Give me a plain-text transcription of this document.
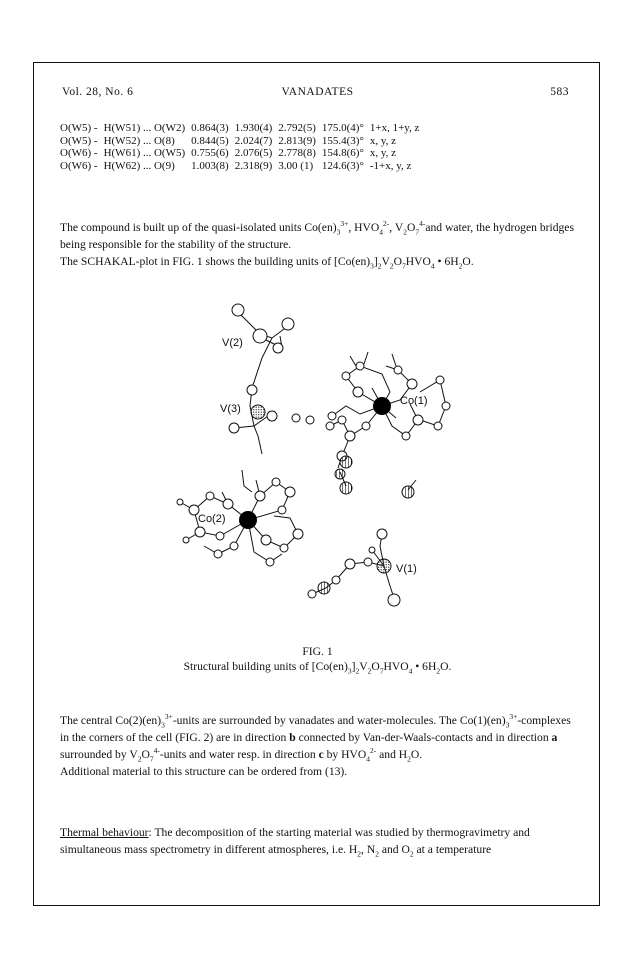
Vol. 28, No. 6	VANADATES	583
O(W5) -	H(W51) ... O(W2)	0.864(3)	1.930(4)	2.792(5)	175.0(4)°	1+x, 1+y, z
O(W5) -	H(W52) ... O(8)	0.844(5)	2.024(7)	2.813(9)	155.4(3)°	x, y, z
O(W6) -	H(W61) ... O(W5)	0.755(6)	2.076(5)	2.778(8)	154.8(6)°	x, y, z
O(W6) -	H(W62) ... O(9)	1.003(8)	2.318(9)	3.00 (1)	124.6(3)°	-1+x, y, z
The compound is built up of the quasi-isolated units $Co(en)_3^{3+}$, $HVO_4^{2-}$, $V_2O_7^{4-}and$ water, the hydrogen bridges being responsible for the stability of the structure.
The SCHAKAL-plot in FIG. 1 shows the building units of $[Co(en)_3]_2V_2O_7HVO_4$ • $6H_2O$.
V(2)
V(3)
Co(1)
Co(2)
V(1)
FIG. 1
Structural building units of $[Co(en)_3]_2V_2O_7HVO_4$ • $6H_2O$.
The central $Co(2)(en)_3^{3+}$-units are surrounded by vanadates and water-molecules. The $Co(1)(en)_3^{3+}$-complexes in the corners of the cell (FIG. 2) are in direction b connected by Van-der-Waals-contacts and in direction a surrounded by $V_2O_7^{4-}$-units and water resp. in direction c by $HVO_4^{2-}$ and $H_2O$.
Additional material to this structure can be ordered from (13).
Thermal behaviour: The decomposition of the starting material was studied by thermogravimetry and simultaneous mass spectrometry in different atmospheres, i.e. $H_2$, $N_2$ and $O_2$ at a temperature
